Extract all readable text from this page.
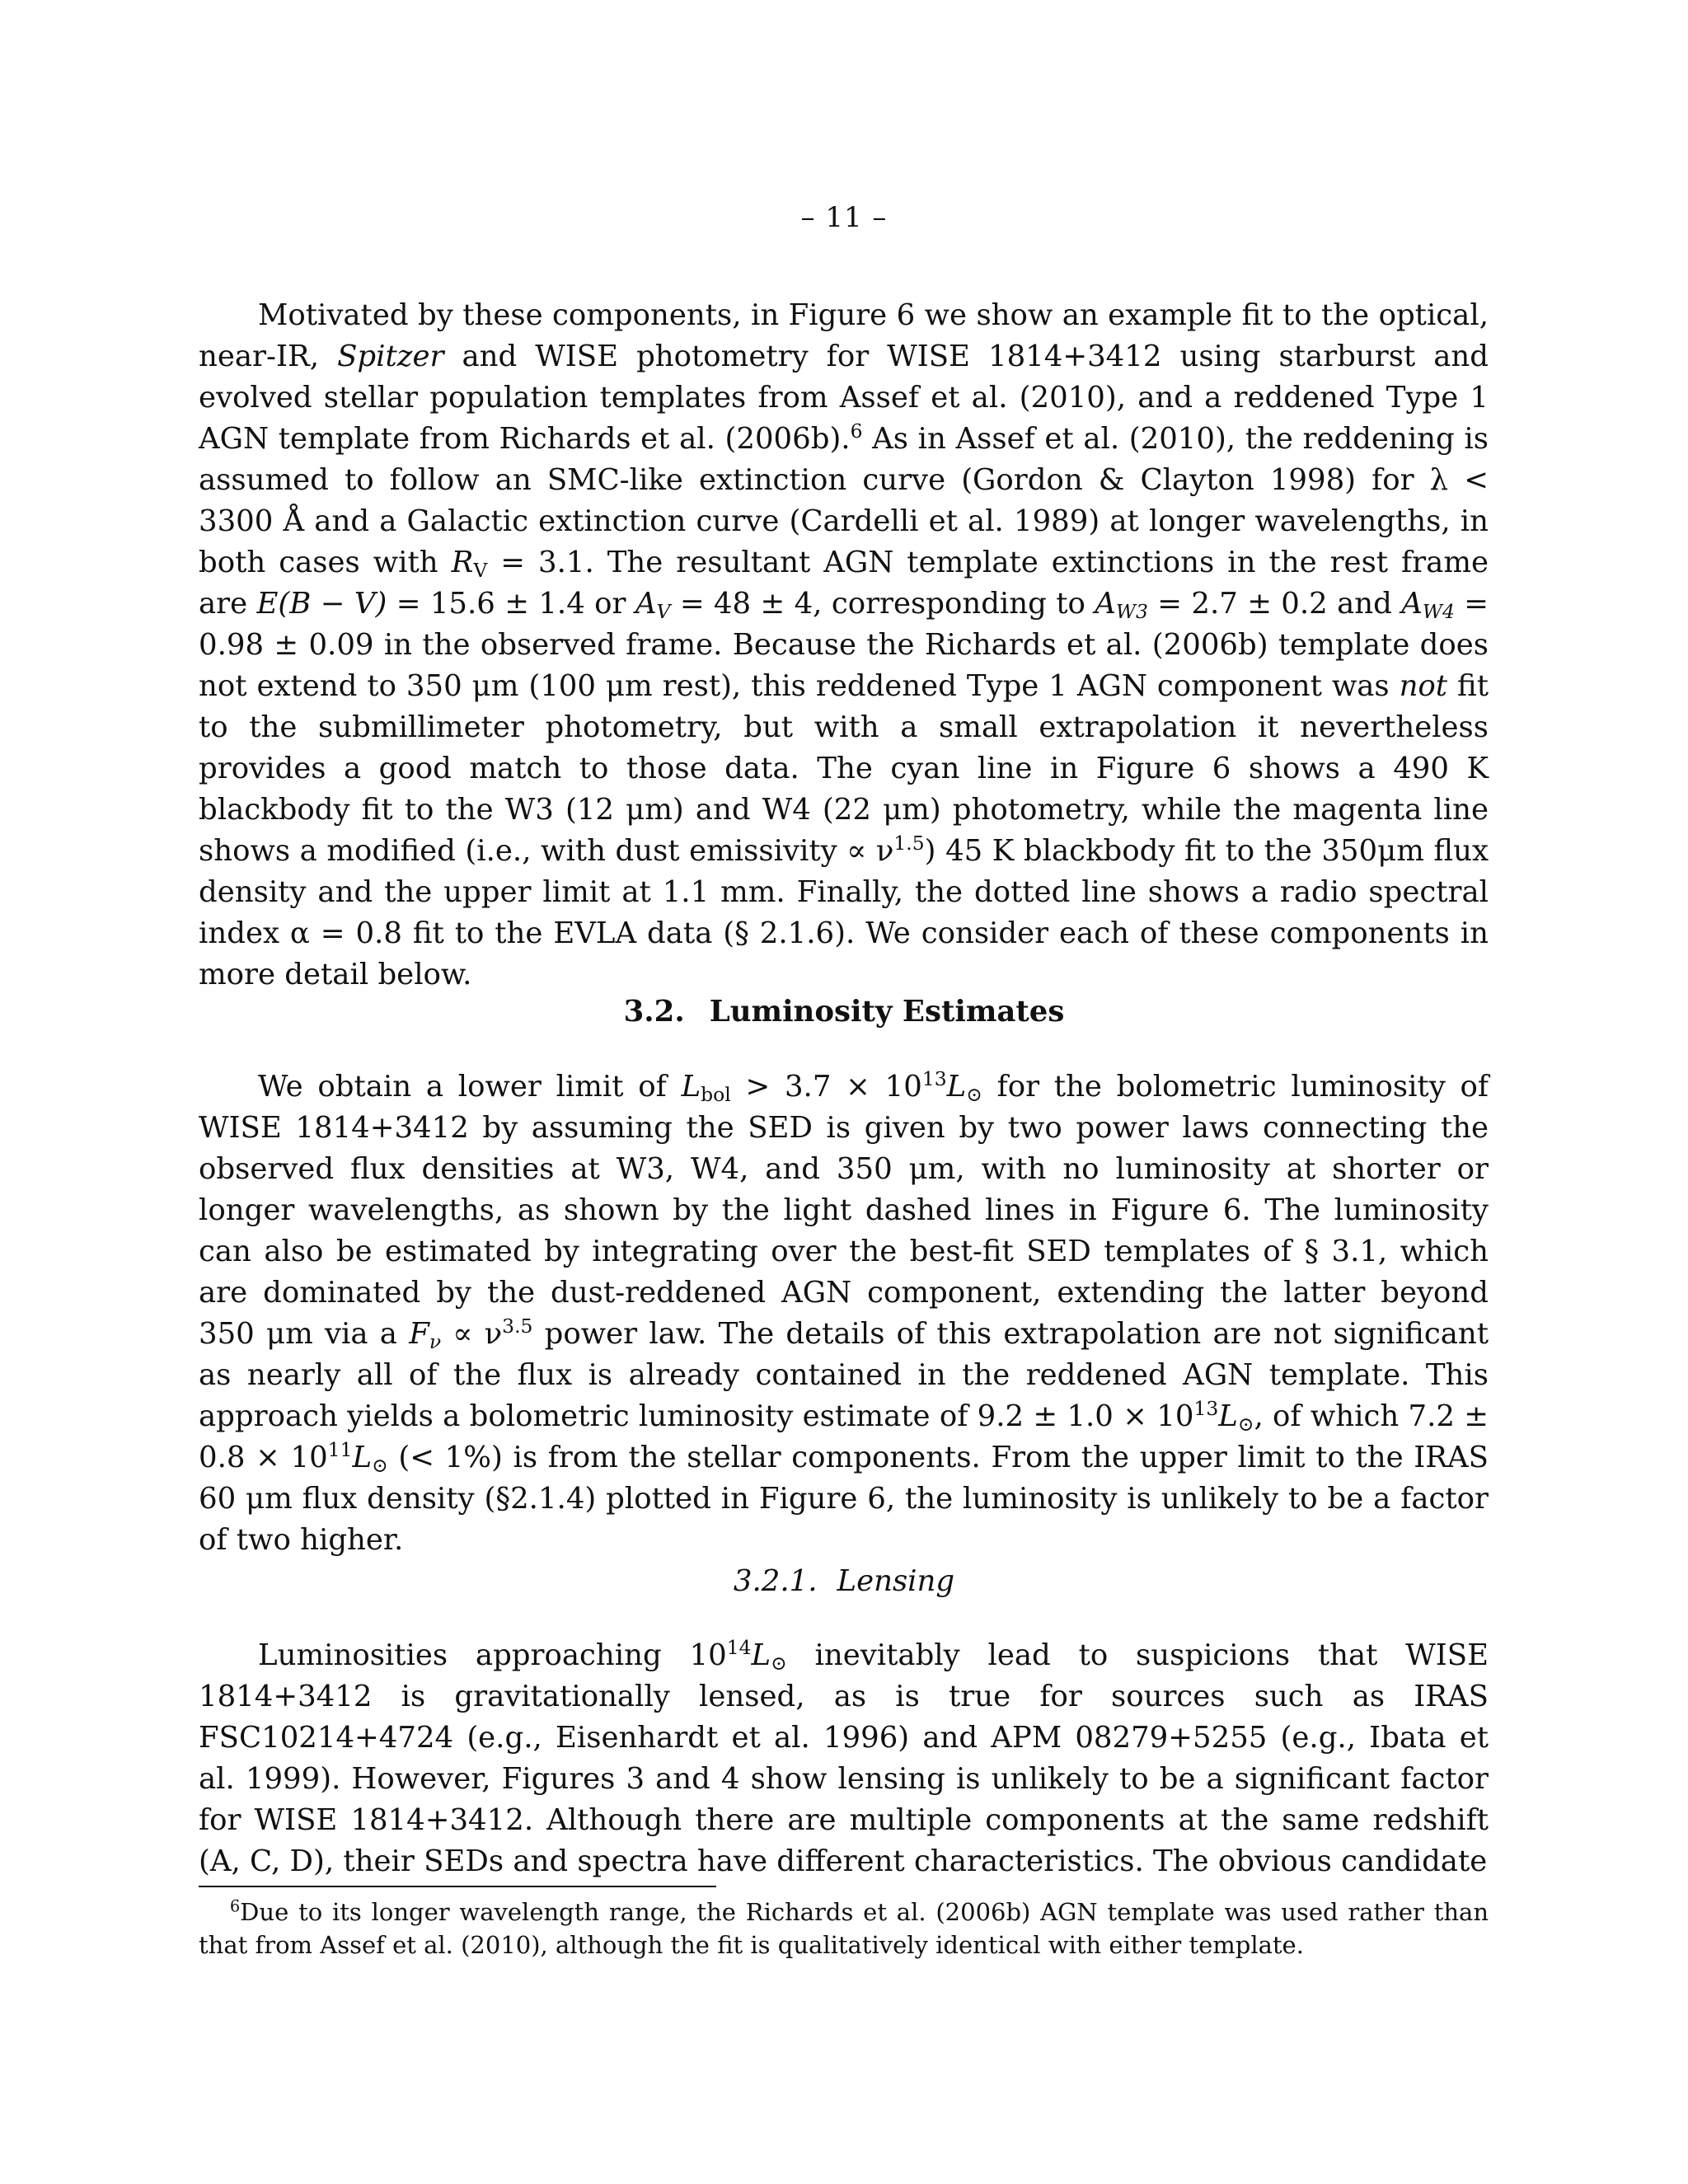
– 11 –

Motivated by these components, in Figure 6 we show an example fit to the optical, near-IR, Spitzer and WISE photometry for WISE 1814+3412 using starburst and evolved stellar population templates from Assef et al. (2010), and a reddened Type 1 AGN template from Richards et al. (2006b).$^6$ As in Assef et al. (2010), the reddening is assumed to follow an SMC-like extinction curve (Gordon & Clayton 1998) for λ < 3300 Å and a Galactic extinction curve (Cardelli et al. 1989) at longer wavelengths, in both cases with $R_V = 3.1$. The resultant AGN template extinctions in the rest frame are E(B − V) = 15.6 ± 1.4 or $A_V = 48 \pm 4$, corresponding to $A_{W3} = 2.7 \pm 0.2$ and $A_{W4} = 0.98 \pm 0.09$ in the observed frame. Because the Richards et al. (2006b) template does not extend to 350 μm (100 μm rest), this reddened Type 1 AGN component was not fit to the submillimeter photometry, but with a small extrapolation it nevertheless provides a good match to those data. The cyan line in Figure 6 shows a 490 K blackbody fit to the W3 (12 μm) and W4 (22 μm) photometry, while the magenta line shows a modified (i.e., with dust emissivity ∝ $\nu^{1.5}$) 45 K blackbody fit to the 350μm flux density and the upper limit at 1.1 mm. Finally, the dotted line shows a radio spectral index α = 0.8 fit to the EVLA data (§ 2.1.6). We consider each of these components in more detail below.

3.2. Luminosity Estimates

We obtain a lower limit of $L_{bol} > 3.7 \times 10^{13}L_⊙$ for the bolometric luminosity of WISE 1814+3412 by assuming the SED is given by two power laws connecting the observed flux densities at W3, W4, and 350 μm, with no luminosity at shorter or longer wavelengths, as shown by the light dashed lines in Figure 6. The luminosity can also be estimated by integrating over the best-fit SED templates of § 3.1, which are dominated by the dust-reddened AGN component, extending the latter beyond 350 μm via a $F_\nu \propto \nu^{3.5}$ power law. The details of this extrapolation are not significant as nearly all of the flux is already contained in the reddened AGN template. This approach yields a bolometric luminosity estimate of $9.2 \pm 1.0 \times 10^{13}L_⊙$, of which $7.2 \pm 0.8 \times 10^{11}L_⊙$ (< 1%) is from the stellar components. From the upper limit to the IRAS 60 μm flux density (§2.1.4) plotted in Figure 6, the luminosity is unlikely to be a factor of two higher.

3.2.1. Lensing

Luminosities approaching $10^{14}L_⊙$ inevitably lead to suspicions that WISE 1814+3412 is gravitationally lensed, as is true for sources such as IRAS FSC10214+4724 (e.g., Eisenhardt et al. 1996) and APM 08279+5255 (e.g., Ibata et al. 1999). However, Figures 3 and 4 show lensing is unlikely to be a significant factor for WISE 1814+3412. Although there are multiple components at the same redshift (A, C, D), their SEDs and spectra have different characteristics. The obvious candidate

$^6$Due to its longer wavelength range, the Richards et al. (2006b) AGN template was used rather than that from Assef et al. (2010), although the fit is qualitatively identical with either template.
